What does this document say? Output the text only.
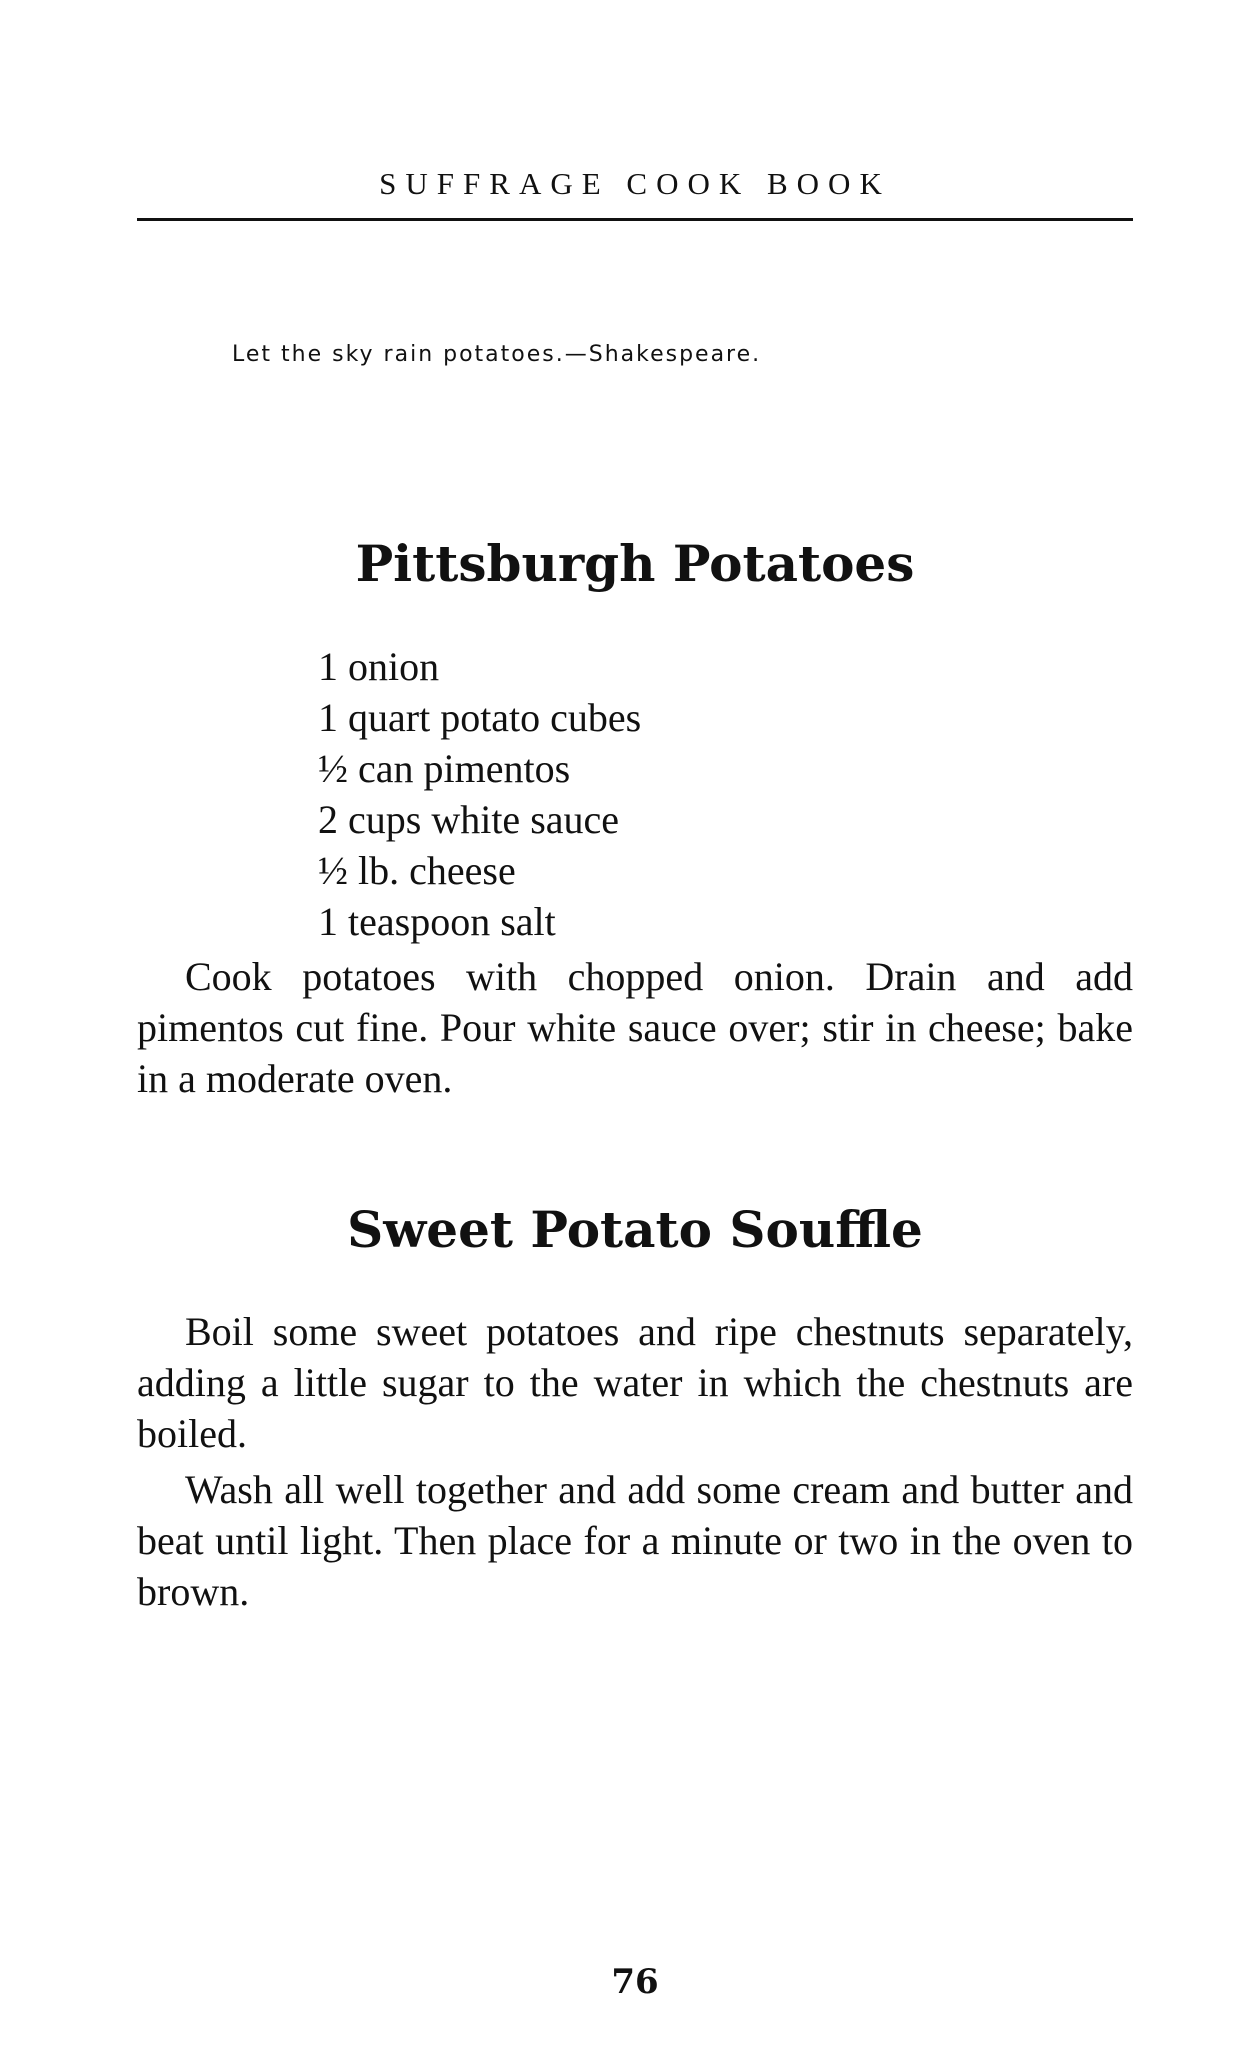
SUFFRAGE COOK BOOK
Let the sky rain potatoes.—Shakespeare.
Pittsburgh Potatoes
1 onion
1 quart potato cubes
½ can pimentos
2 cups white sauce
½ lb. cheese
1 teaspoon salt

Cook potatoes with chopped onion. Drain and add pimentos cut fine. Pour white sauce over; stir in cheese; bake in a moderate oven.

Sweet Potato Souffle

Boil some sweet potatoes and ripe chestnuts separately, adding a little sugar to the water in which the chestnuts are boiled.

Wash all well together and add some cream and butter and beat until light. Then place for a minute or two in the oven to brown.

76
